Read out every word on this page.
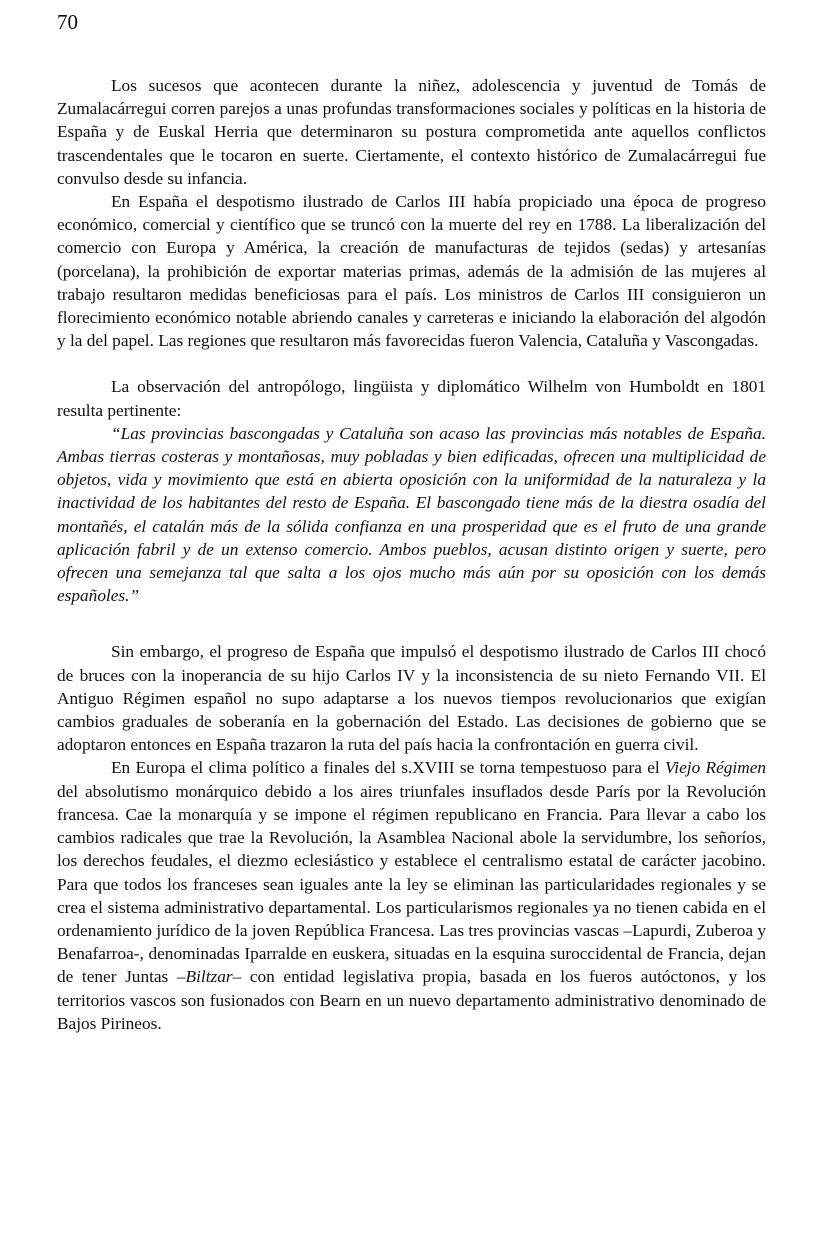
70

Los sucesos que acontecen durante la niñez, adolescencia y juventud de Tomás de Zumalacárregui corren parejos a unas profundas transformaciones sociales y políticas en la historia de España y de Euskal Herria que determinaron su postura comprometida ante aquellos conflictos trascendentales que le tocaron en suerte. Ciertamente, el contexto histórico de Zumalacárregui fue convulso desde su infancia.

En España el despotismo ilustrado de Carlos III había propiciado una época de progreso económico, comercial y científico que se truncó con la muerte del rey en 1788. La liberalización del comercio con Europa y América, la creación de manufacturas de tejidos (sedas) y artesanías (porcelana), la prohibición de exportar materias primas, además de la admisión de las mujeres al trabajo resultaron medidas beneficiosas para el país. Los ministros de Carlos III consiguieron un florecimiento económico notable abriendo canales y carreteras e iniciando la elaboración del algodón y la del papel. Las regiones que resultaron más favorecidas fueron Valencia, Cataluña y Vascongadas.

La observación del antropólogo, lingüista y diplomático Wilhelm von Humboldt en 1801 resulta pertinente:

“Las provincias bascongadas y Cataluña son acaso las provincias más notables de España. Ambas tierras costeras y montañosas, muy pobladas y bien edificadas, ofrecen una multiplicidad de objetos, vida y movimiento que está en abierta oposición con la uniformidad de la naturaleza y la inactividad de los habitantes del resto de España. El bascongado tiene más de la diestra osadía del montañés, el catalán más de la sólida confianza en una prosperidad que es el fruto de una grande aplicación fabril y de un extenso comercio. Ambos pueblos, acusan distinto origen y suerte, pero ofrecen una semejanza tal que salta a los ojos mucho más aún por su oposición con los demás españoles.”

Sin embargo, el progreso de España que impulsó el despotismo ilustrado de Carlos III chocó de bruces con la inoperancia de su hijo Carlos IV y la inconsistencia de su nieto Fernando VII. El Antiguo Régimen español no supo adaptarse a los nuevos tiempos revolucionarios que exigían cambios graduales de soberanía en la gobernación del Estado. Las decisiones de gobierno que se adoptaron entonces en España trazaron la ruta del país hacia la confrontación en guerra civil.

En Europa el clima político a finales del s.XVIII se torna tempestuoso para el Viejo Régimen del absolutismo monárquico debido a los aires triunfales insuflados desde París por la Revolución francesa. Cae la monarquía y se impone el régimen republicano en Francia. Para llevar a cabo los cambios radicales que trae la Revolución, la Asamblea Nacional abole la servidumbre, los señoríos, los derechos feudales, el diezmo eclesiástico y establece el centralismo estatal de carácter jacobino. Para que todos los franceses sean iguales ante la ley se eliminan las particularidades regionales y se crea el sistema administrativo departamental. Los particularismos regionales ya no tienen cabida en el ordenamiento jurídico de la joven República Francesa. Las tres provincias vascas –Lapurdi, Zuberoa y Benafarroa-, denominadas Iparralde en euskera, situadas en la esquina suroccidental de Francia, dejan de tener Juntas –Biltzar– con entidad legislativa propia, basada en los fueros autóctonos, y los territorios vascos son fusionados con Bearn en un nuevo departamento administrativo denominado de Bajos Pirineos.
